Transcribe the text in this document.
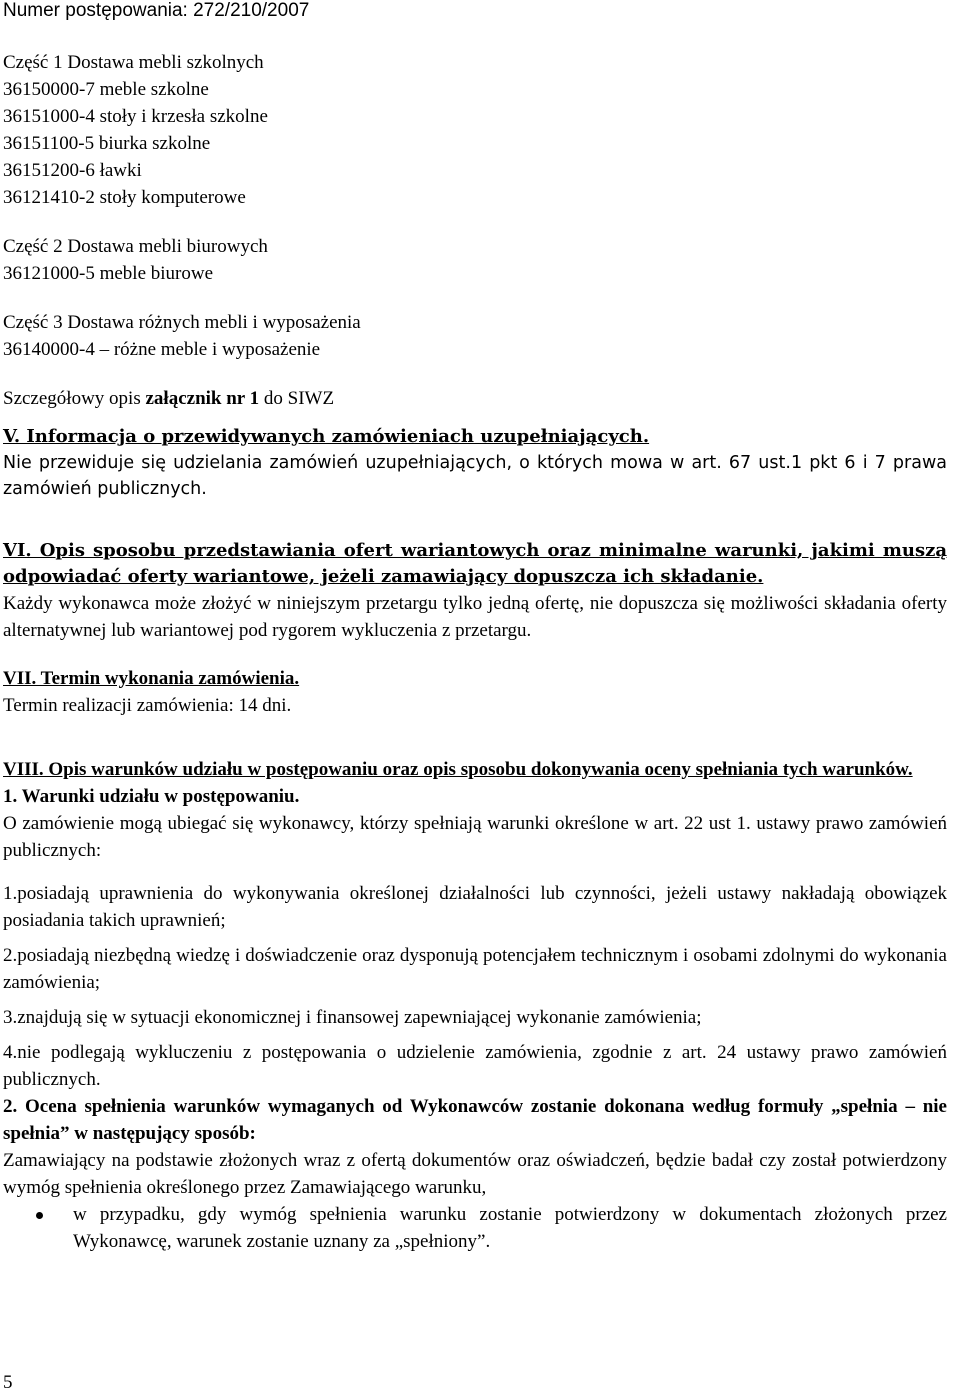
Numer postępowania: 272/210/2007

Część 1 Dostawa mebli szkolnych

36150000-7 meble szkolne

36151000-4 stoły i krzesła szkolne

36151100-5 biurka szkolne

36151200-6 ławki

36121410-2 stoły komputerowe

Część 2 Dostawa mebli biurowych

36121000-5 meble biurowe

Część 3 Dostawa różnych mebli i wyposażenia

36140000-4 – różne meble i wyposażenie

Szczegółowy opis załącznik nr 1 do SIWZ

V. Informacja o przewidywanych zamówieniach uzupełniających.

Nie przewiduje się udzielania zamówień uzupełniających, o których mowa w art. 67 ust.1 pkt 6 i 7 prawa zamówień publicznych.

VI. Opis sposobu przedstawiania ofert wariantowych oraz minimalne warunki, jakimi muszą odpowiadać oferty wariantowe, jeżeli zamawiający dopuszcza ich składanie.

Każdy wykonawca może złożyć w niniejszym przetargu tylko jedną ofertę, nie dopuszcza się możliwości składania oferty alternatywnej lub wariantowej pod rygorem wykluczenia z przetargu.

VII. Termin wykonania zamówienia.

Termin realizacji zamówienia: 14 dni.

VIII. Opis warunków udziału w postępowaniu oraz opis sposobu dokonywania oceny spełniania tych warunków.

1. Warunki udziału w postępowaniu.

O zamówienie mogą ubiegać się wykonawcy, którzy spełniają warunki określone w art. 22 ust 1. ustawy prawo zamówień publicznych:

1.posiadają uprawnienia do wykonywania określonej działalności lub czynności, jeżeli ustawy nakładają obowiązek posiadania takich uprawnień;

2.posiadają niezbędną wiedzę i doświadczenie oraz dysponują potencjałem technicznym i osobami zdolnymi do wykonania zamówienia;

3.znajdują się w sytuacji ekonomicznej i finansowej zapewniającej wykonanie zamówienia;

4.nie podlegają wykluczeniu z postępowania o udzielenie zamówienia, zgodnie z art. 24 ustawy prawo zamówień publicznych.

2. Ocena spełnienia warunków wymaganych od Wykonawców zostanie dokonana według formuły „spełnia – nie spełnia” w następujący sposób:

Zamawiający na podstawie złożonych wraz z ofertą dokumentów oraz oświadczeń, będzie badał czy został potwierdzony wymóg spełnienia określonego przez Zamawiającego warunku,

w przypadku, gdy wymóg spełnienia warunku zostanie potwierdzony w dokumentach złożonych przez Wykonawcę, warunek zostanie uznany za „spełniony”.
5
